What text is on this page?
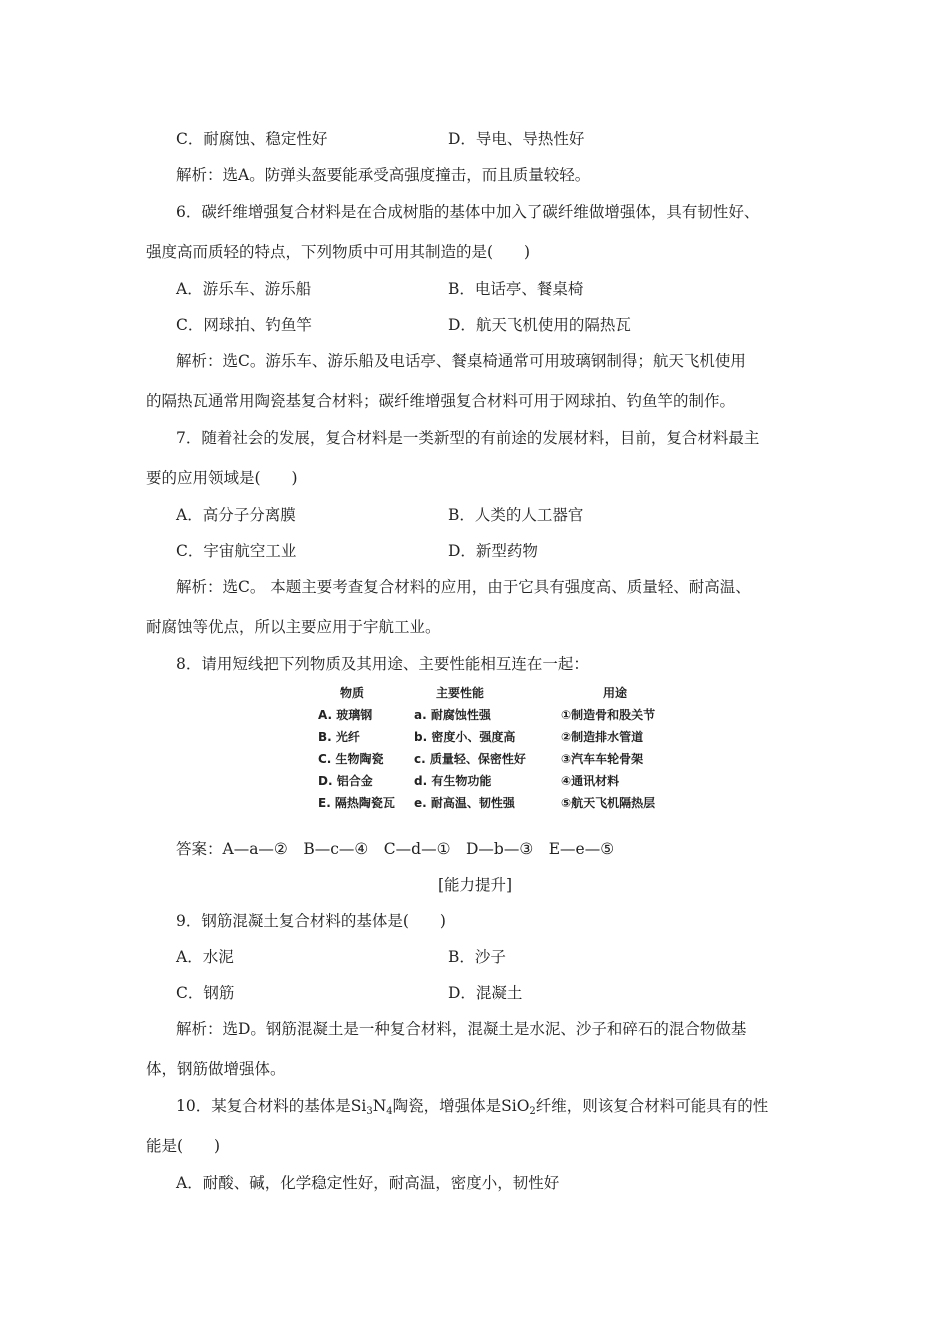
C．耐腐蚀、稳定性好	D．导电、导热性好
解析：选A。防弹头盔要能承受高强度撞击，而且质量较轻。
6．碳纤维增强复合材料是在合成树脂的基体中加入了碳纤维做增强体，具有韧性好、
强度高而质轻的特点，下列物质中可用其制造的是(　　)
A．游乐车、游乐船	B．电话亭、餐桌椅
C．网球拍、钓鱼竿	D．航天飞机使用的隔热瓦
解析：选C。游乐车、游乐船及电话亭、餐桌椅通常可用玻璃钢制得；航天飞机使用
的隔热瓦通常用陶瓷基复合材料；碳纤维增强复合材料可用于网球拍、钓鱼竿的制作。
7．随着社会的发展，复合材料是一类新型的有前途的发展材料，目前，复合材料最主
要的应用领域是(　　)
A．高分子分离膜	B．人类的人工器官
C．宇宙航空工业	D．新型药物
解析：选C。 本题主要考查复合材料的应用，由于它具有强度高、质量轻、耐高温、
耐腐蚀等优点，所以主要应用于宇航工业。
8．请用短线把下列物质及其用途、主要性能相互连在一起：
物质	主要性能	用途
A. 玻璃钢	a. 耐腐蚀性强	①制造骨和股关节
B. 光纤	b. 密度小、强度高	②制造排水管道
C. 生物陶瓷	c. 质量轻、保密性好	③汽车车轮骨架
D. 铝合金	d. 有生物功能	④通讯材料
E. 隔热陶瓷瓦 e. 耐高温、韧性强	⑤航天飞机隔热层
答案：A—a—②　B—c—④　C—d—①　D—b—③　E—e—⑤
[能力提升]
9．钢筋混凝土复合材料的基体是(　　)
A．水泥	B．沙子
C．钢筋	D．混凝土
解析：选D。钢筋混凝土是一种复合材料，混凝土是水泥、沙子和碎石的混合物做基
体，钢筋做增强体。
10．某复合材料的基体是$Si_3N_4$陶瓷，增强体是SiO$_2$纤维，则该复合材料可能具有的性
能是(　　)
A．耐酸、碱，化学稳定性好，耐高温，密度小，韧性好
